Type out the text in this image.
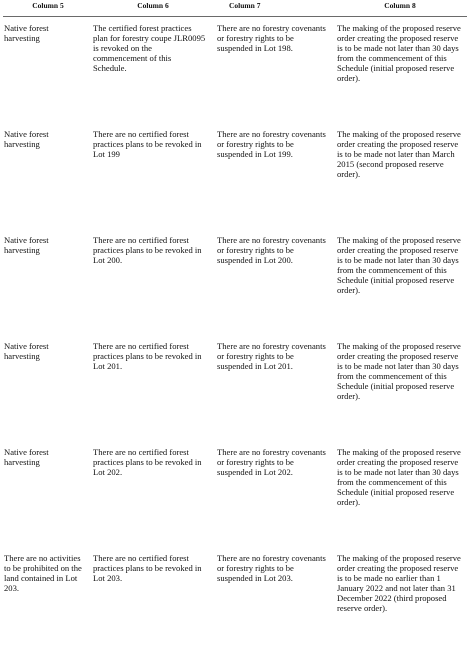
Column 5	Column 6	Column 7	Column 8
Native forest harvesting	The certified forest practices plan for forestry coupe JLR0095 is revoked on the commencement of this Schedule.	There are no forestry covenants or forestry rights to be suspended in Lot 198.	The making of the proposed reserve order creating the proposed reserve is to be made not later than 30 days from the commencement of this Schedule (initial proposed reserve order).
Native forest harvesting	There are no certified forest practices plans to be revoked in Lot 199	There are no forestry covenants or forestry rights to be suspended in Lot 199.	The making of the proposed reserve order creating the proposed reserve is to be made not later than March 2015 (second proposed reserve order).
Native forest harvesting	There are no certified forest practices plans to be revoked in Lot 200.	There are no forestry covenants or forestry rights to be suspended in Lot 200.	The making of the proposed reserve order creating the proposed reserve is to be made not later than 30 days from the commencement of this Schedule (initial proposed reserve order).
Native forest harvesting	There are no certified forest practices plans to be revoked in Lot 201.	There are no forestry covenants or forestry rights to be suspended in Lot 201.	The making of the proposed reserve order creating the proposed reserve is to be made not later than 30 days from the commencement of this Schedule (initial proposed reserve order).
Native forest harvesting	There are no certified forest practices plans to be revoked in Lot 202.	There are no forestry covenants or forestry rights to be suspended in Lot 202.	The making of the proposed reserve order creating the proposed reserve is to be made not later than 30 days from the commencement of this Schedule (initial proposed reserve order).
There are no activities to be prohibited on the land contained in Lot 203.	There are no certified forest practices plans to be revoked in Lot 203.	There are no forestry covenants or forestry rights to be suspended in Lot 203.	The making of the proposed reserve order creating the proposed reserve is to be made no earlier than 1 January 2022 and not later than 31 December 2022 (third proposed reserve order).
